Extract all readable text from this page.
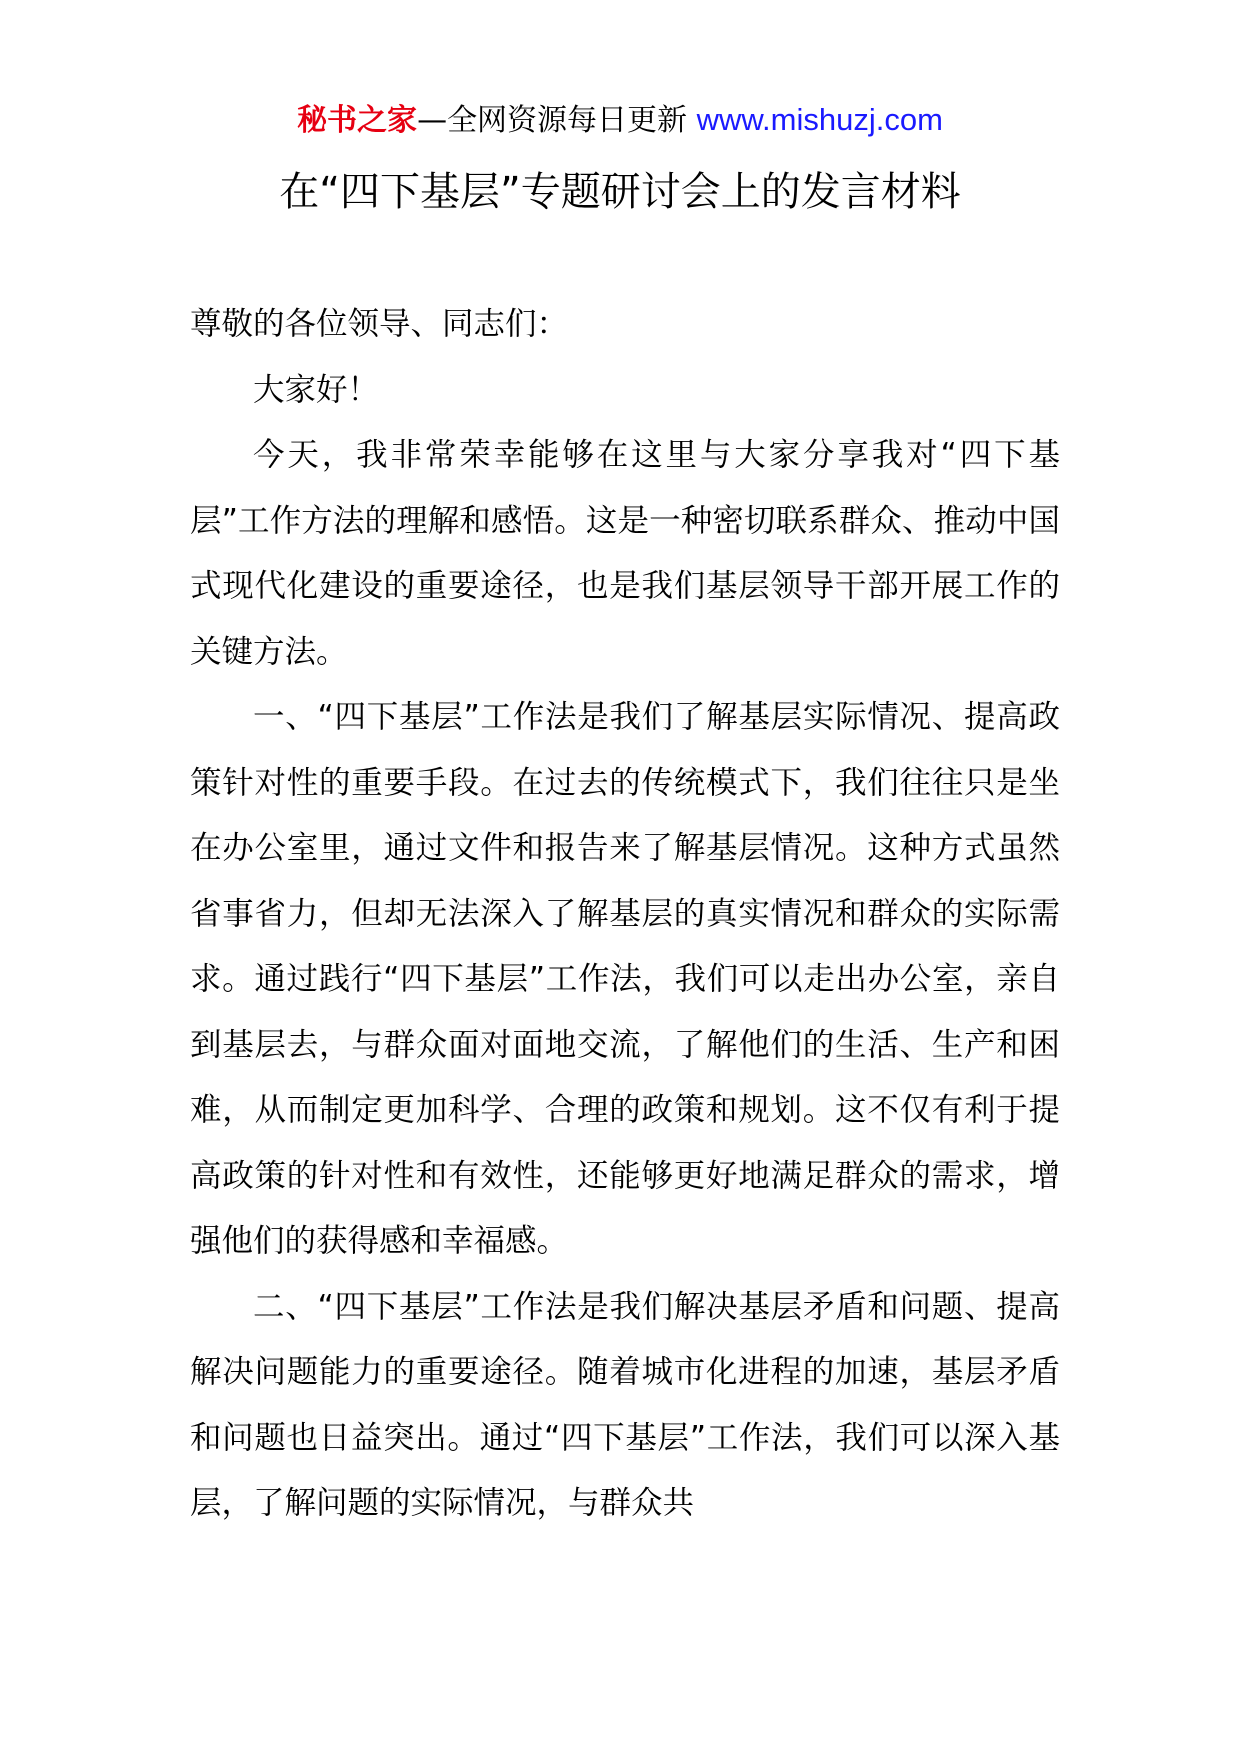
秘书之家—全网资源每日更新 www.mishuzj.com
在“四下基层”专题研讨会上的发言材料

尊敬的各位领导、同志们：

大家好！

今天，我非常荣幸能够在这里与大家分享我对“四下基层”工作方法的理解和感悟。这是一种密切联系群众、推动中国式现代化建设的重要途径，也是我们基层领导干部开展工作的关键方法。

一、“四下基层”工作法是我们了解基层实际情况、提高政策针对性的重要手段。在过去的传统模式下，我们往往只是坐在办公室里，通过文件和报告来了解基层情况。这种方式虽然省事省力，但却无法深入了解基层的真实情况和群众的实际需求。通过践行“四下基层”工作法，我们可以走出办公室，亲自到基层去，与群众面对面地交流，了解他们的生活、生产和困难，从而制定更加科学、合理的政策和规划。这不仅有利于提高政策的针对性和有效性，还能够更好地满足群众的需求，增强他们的获得感和幸福感。

二、“四下基层”工作法是我们解决基层矛盾和问题、提高解决问题能力的重要途径。随着城市化进程的加速，基层矛盾和问题也日益突出。通过“四下基层”工作法，我们可以深入基层，了解问题的实际情况，与群众共
